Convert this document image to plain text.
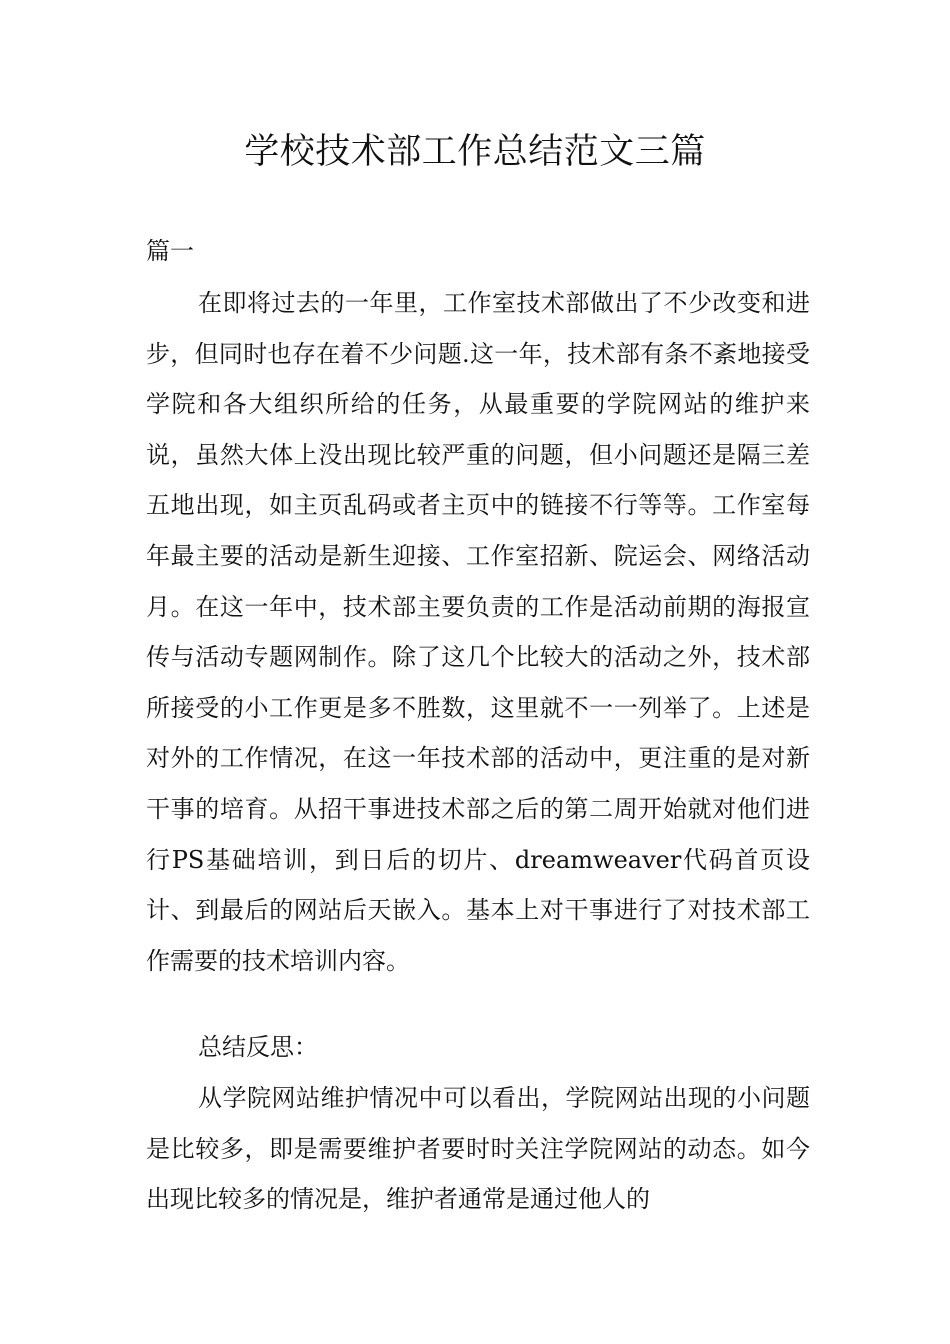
学校技术部工作总结范文三篇

篇一

在即将过去的一年里，工作室技术部做出了不少改变和进步，但同时也存在着不少问题.这一年，技术部有条不紊地接受学院和各大组织所给的任务，从最重要的学院网站的维护来说，虽然大体上没出现比较严重的问题，但小问题还是隔三差五地出现，如主页乱码或者主页中的链接不行等等。工作室每年最主要的活动是新生迎接、工作室招新、院运会、网络活动月。在这一年中，技术部主要负责的工作是活动前期的海报宣传与活动专题网制作。除了这几个比较大的活动之外，技术部所接受的小工作更是多不胜数，这里就不一一列举了。上述是对外的工作情况，在这一年技术部的活动中，更注重的是对新干事的培育。从招干事进技术部之后的第二周开始就对他们进行PS基础培训，到日后的切片、dreamweaver代码首页设计、到最后的网站后天嵌入。基本上对干事进行了对技术部工作需要的技术培训内容。

总结反思：

从学院网站维护情况中可以看出，学院网站出现的小问题是比较多，即是需要维护者要时时关注学院网站的动态。如今出现比较多的情况是，维护者通常是通过他人的
